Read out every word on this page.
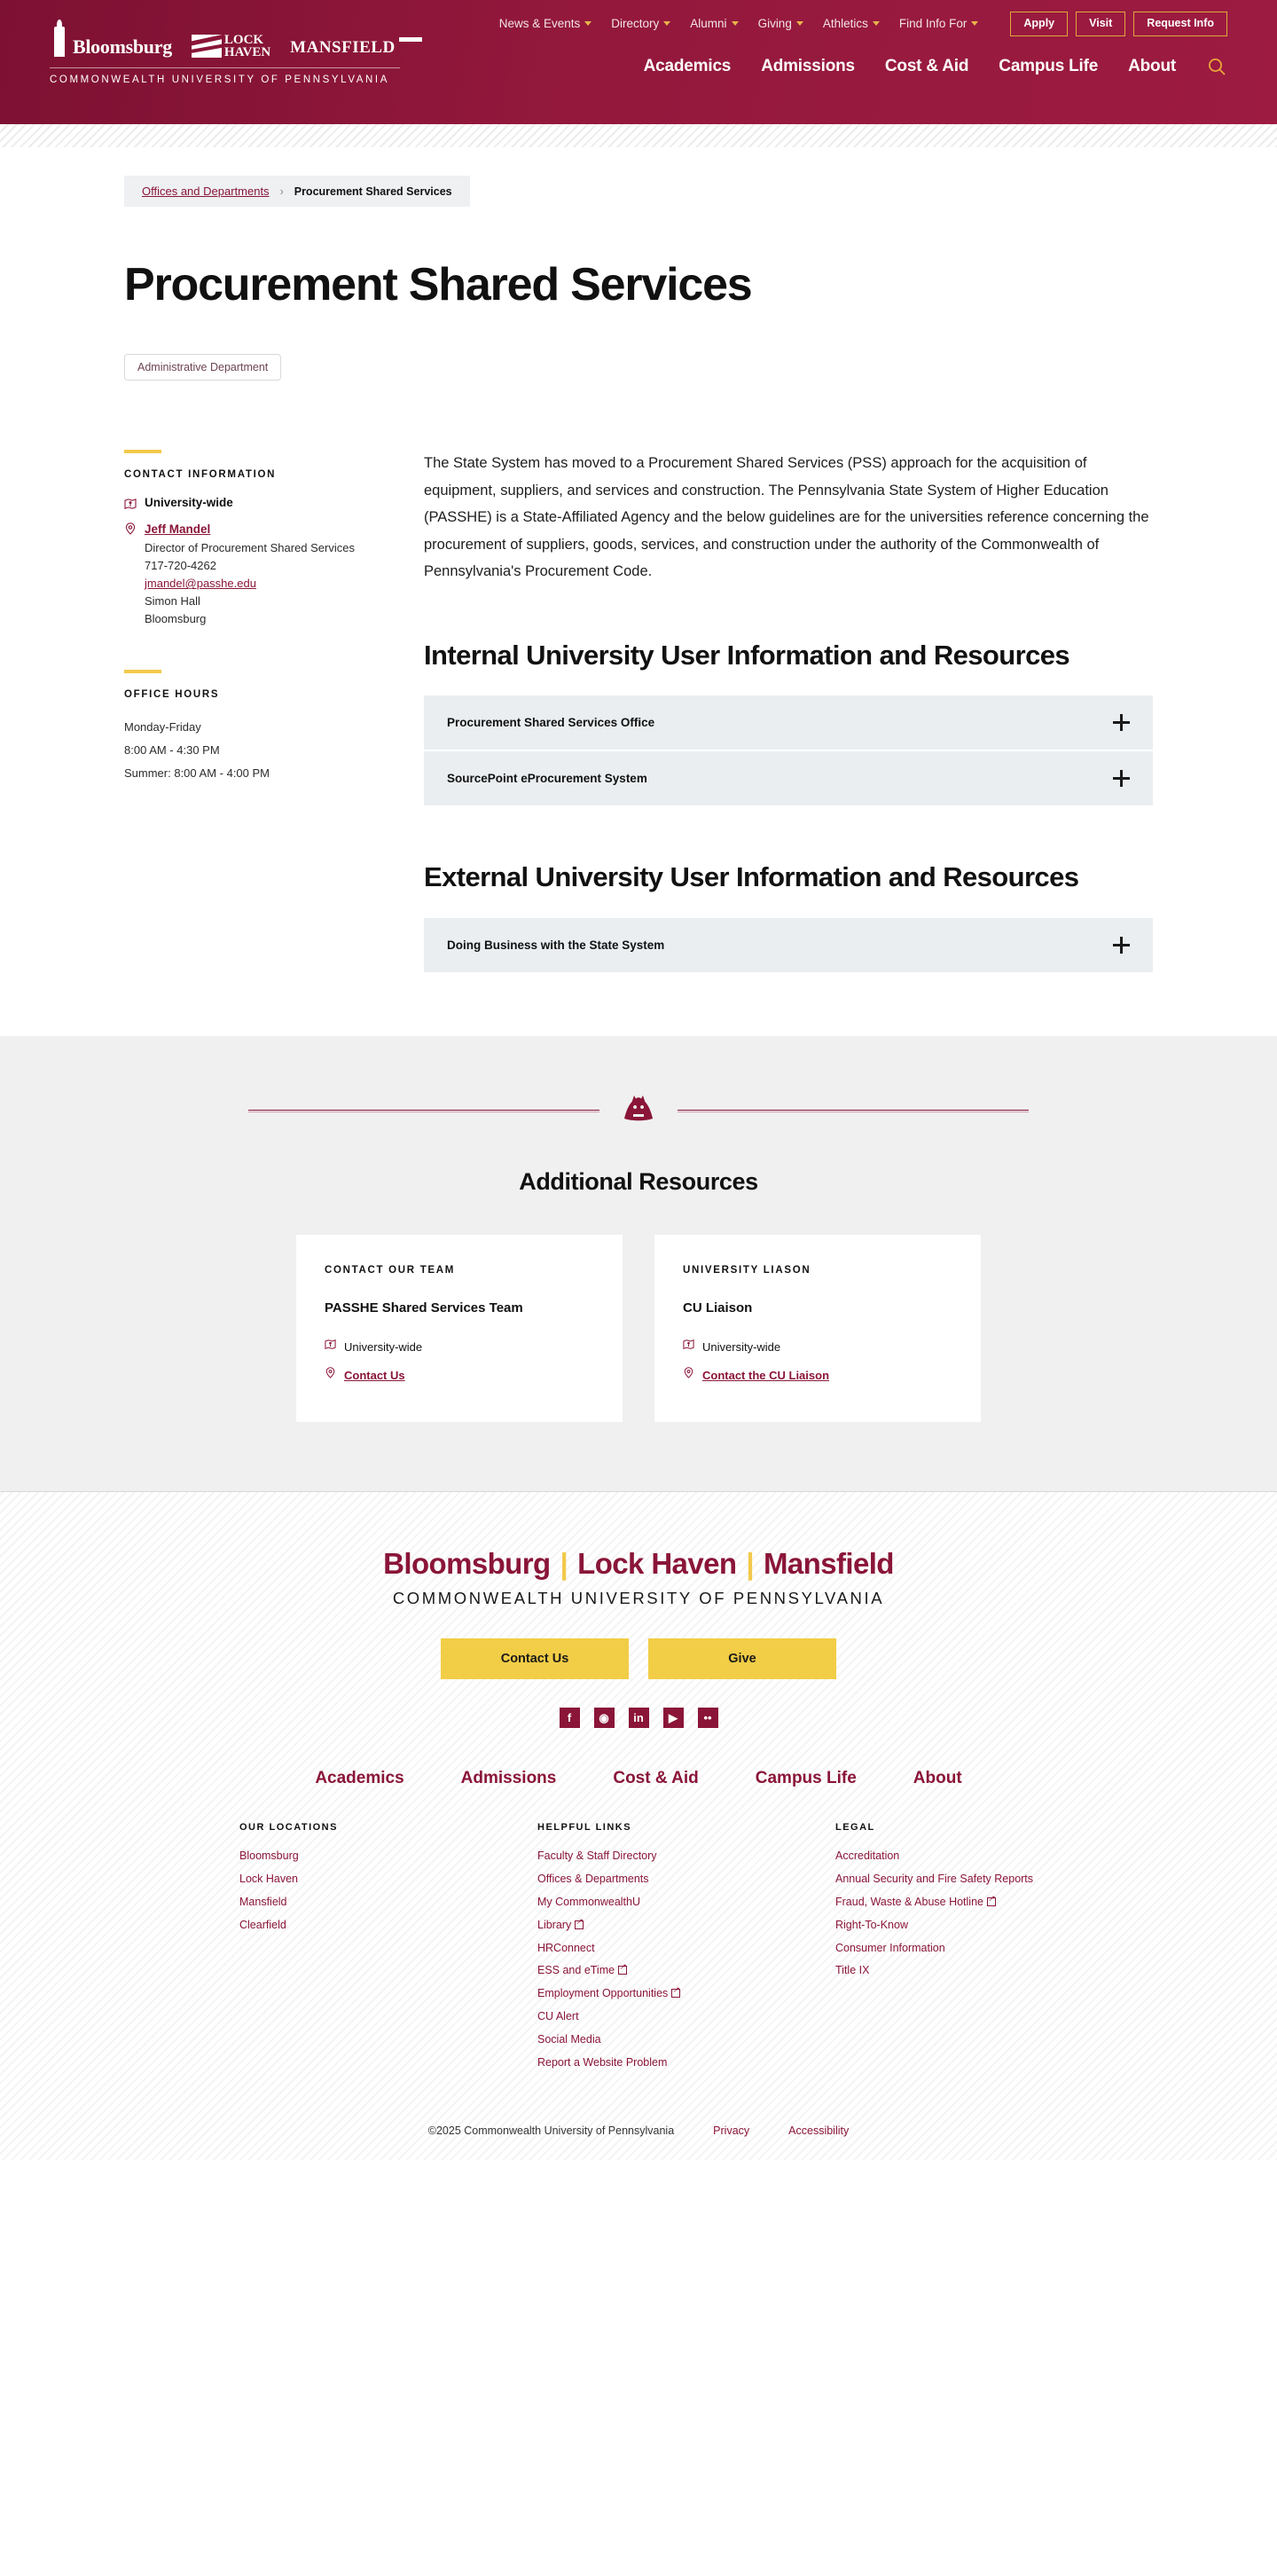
Bloomsburg	LOCK
HAVEN MANSFIELD
COMMONWEALTH UNIVERSITY OF PENNSYLVANIA
News & Events	Directory	Alumni	Giving	Athletics	Find Info For	Apply	Visit	Request Info
Academics Admissions Cost & Aid Campus Life About
Offices and Departments › Procurement Shared Services
Procurement Shared Services
Administrative Department
CONTACT INFORMATION
University-wide
Jeff Mandel
Director of Procurement Shared Services
717-720-4262
jmandel@passhe.edu
Simon Hall
Bloomsburg
OFFICE HOURS
Monday-Friday
8:00 AM - 4:30 PM
Summer: 8:00 AM - 4:00 PM

The State System has moved to a Procurement Shared Services (PSS) approach for the acquisition of equipment, suppliers, and services and construction. The Pennsylvania State System of Higher Education (PASSHE) is a State-Affiliated Agency and the below guidelines are for the universities reference concerning the procurement of suppliers, goods, services, and construction under the authority of the Commonwealth of Pennsylvania's Procurement Code.

Internal University User Information and Resources
Procurement Shared Services Office
SourcePoint eProcurement System
External University User Information and Resources
Doing Business with the State System
Additional Resources
CONTACT OUR TEAM
PASSHE Shared Services Team
University-wide
Contact Us
UNIVERSITY LIASON
CU Liaison
University-wide
Contact the CU Liaison
Bloomsburg | Lock Haven | Mansfield
COMMONWEALTH UNIVERSITY OF PENNSYLVANIA
Contact Us	Give
f	◉	in	▶	••
Academics	Admissions	Cost & Aid	Campus Life	About
OUR LOCATIONS
Bloomsburg
Lock Haven
Mansfield
Clearfield
HELPFUL LINKS
Faculty & Staff Directory
Offices & Departments
My CommonwealthU
Library↗
HRConnect
ESS and eTime↗
Employment Opportunities↗
CU Alert
Social Media
Report a Website Problem
LEGAL
Accreditation
Annual Security and Fire Safety Reports
Fraud, Waste & Abuse Hotline↗
Right-To-Know
Consumer Information
Title IX
©2025 Commonwealth University of Pennsylvania	Privacy	Accessibility
